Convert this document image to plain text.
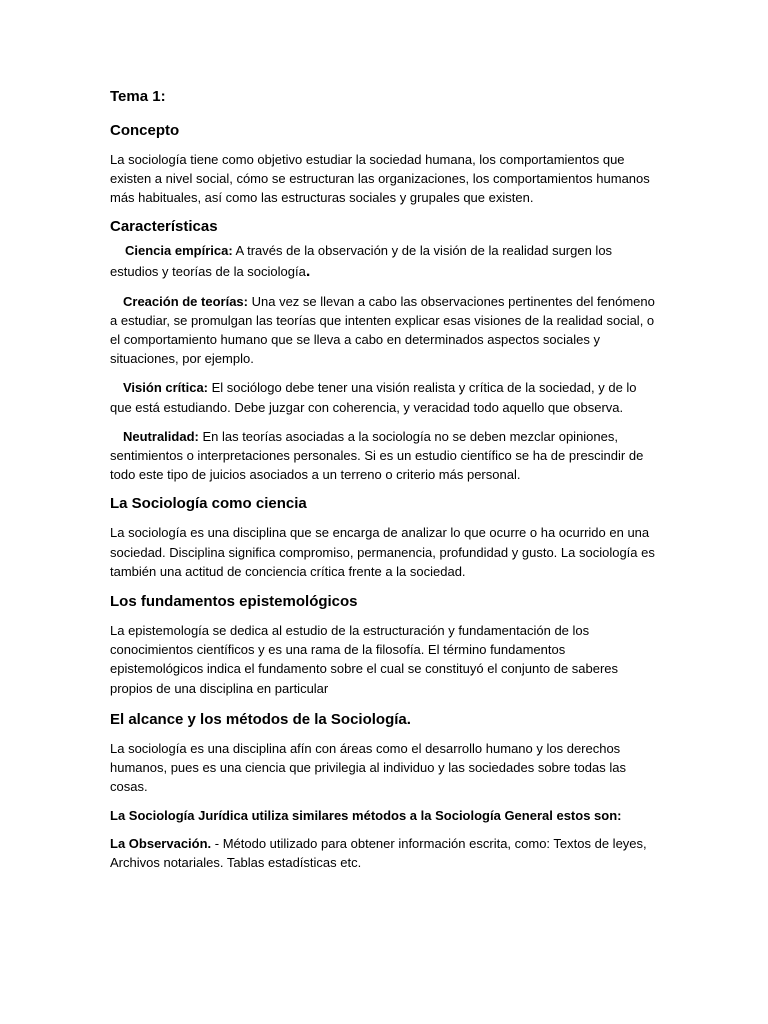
Tema 1:
Concepto

La sociología tiene como objetivo estudiar la sociedad humana, los comportamientos que existen a nivel social, cómo se estructuran las organizaciones, los comportamientos humanos más habituales, así como las estructuras sociales y grupales que existen.

Características

Ciencia empírica: A través de la observación y de la visión de la realidad surgen los estudios y teorías de la sociología.

Creación de teorías: Una vez se llevan a cabo las observaciones pertinentes del fenómeno a estudiar, se promulgan las teorías que intenten explicar esas visiones de la realidad social, o el comportamiento humano que se lleva a cabo en determinados aspectos sociales y situaciones, por ejemplo.

Visión crítica: El sociólogo debe tener una visión realista y crítica de la sociedad, y de lo que está estudiando. Debe juzgar con coherencia, y veracidad todo aquello que observa.

Neutralidad: En las teorías asociadas a la sociología no se deben mezclar opiniones, sentimientos o interpretaciones personales. Si es un estudio científico se ha de prescindir de todo este tipo de juicios asociados a un terreno o criterio más personal.

La Sociología como ciencia

La sociología es una disciplina que se encarga de analizar lo que ocurre o ha ocurrido en una sociedad. Disciplina significa compromiso, permanencia, profundidad y gusto. La sociología es también una actitud de conciencia crítica frente a la sociedad.

Los fundamentos epistemológicos

La epistemología se dedica al estudio de la estructuración y fundamentación de los conocimientos científicos y es una rama de la filosofía. El término fundamentos epistemológicos indica el fundamento sobre el cual se constituyó el conjunto de saberes propios de una disciplina en particular

El alcance y los métodos de la Sociología.

La sociología es una disciplina afín con áreas como el desarrollo humano y los derechos humanos, pues es una ciencia que privilegia al individuo y las sociedades sobre todas las cosas.

La Sociología Jurídica utiliza similares métodos a la Sociología General estos son:

La Observación. - Método utilizado para obtener información escrita, como: Textos de leyes, Archivos notariales. Tablas estadísticas etc.
